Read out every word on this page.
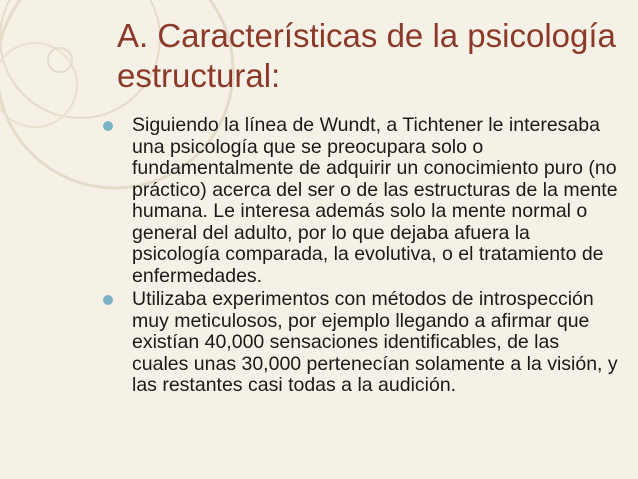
A. Características de la psicología estructural:
Siguiendo la línea de Wundt, a Tichtener le interesaba una psicología que se preocupara solo o fundamentalmente de adquirir un conocimiento puro (no práctico) acerca del ser o de las estructuras de la mente humana. Le interesa además solo la mente normal o general del adulto, por lo que dejaba afuera la psicología comparada, la evolutiva, o el tratamiento de enfermedades.
Utilizaba experimentos con métodos de introspección muy meticulosos, por ejemplo llegando a afirmar que existían 40,000 sensaciones identificables, de las cuales unas 30,000 pertenecían solamente a la visión, y las restantes casi todas a la audición.
